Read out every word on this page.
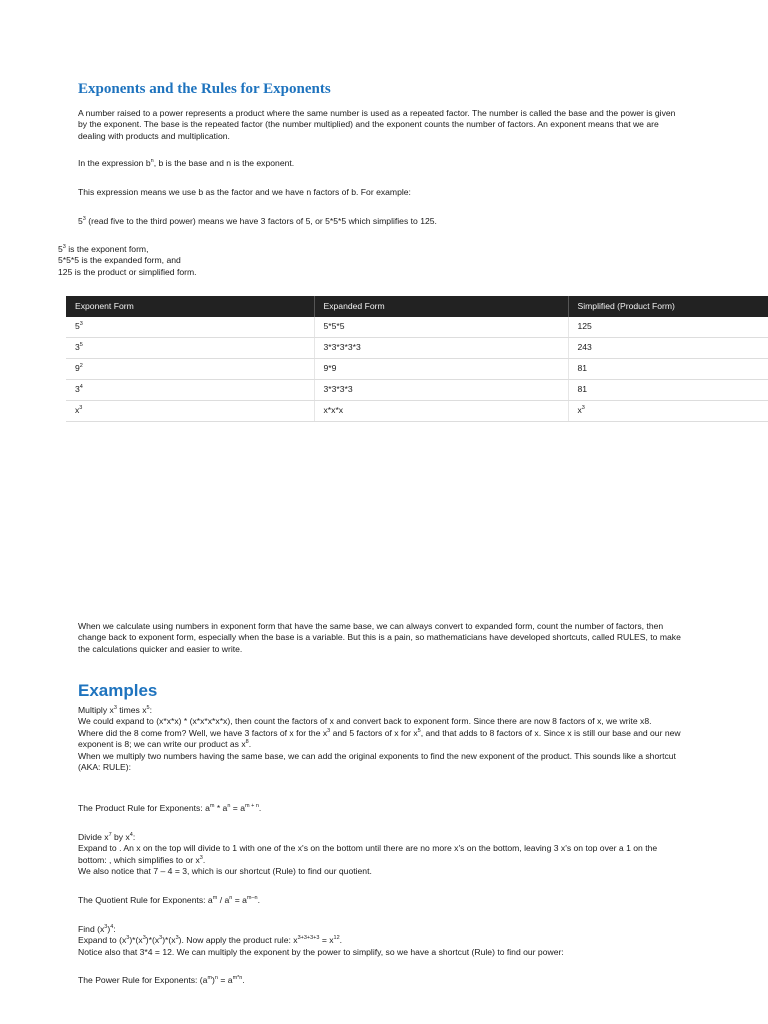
Exponents and the Rules for Exponents

A number raised to a power represents a product where the same number is used as a repeated factor. The number is called the base and the power is given by the exponent. The base is the repeated factor (the number multiplied) and the exponent counts the number of factors. An exponent means that we are dealing with products and multiplication.

In the expression $b^n$, b is the base and n is the exponent.

This expression means we use b as the factor and we have n factors of b. For example:

$5^3$ (read five to the third power) means we have 3 factors of 5, or 5*5*5 which simplifies to 125.

$5^3$ is the exponent form,
5*5*5 is the expanded form, and
125 is the product or simplified form.
Exponent Form	Expanded Form	Simplified (Product Form)
$5^3$	5*5*5	125
$3^5$	3*3*3*3*3	243
$9^2$	9*9	81
$3^4$	3*3*3*3	81
$x^3$	x*x*x	$x^3$

When we calculate using numbers in exponent form that have the same base, we can always convert to expanded form, count the number of factors, then change back to exponent form, especially when the base is a variable. But this is a pain, so mathematicians have developed shortcuts, called RULES, to make the calculations quicker and easier to write.

Examples
Multiply $x^3$ times $x^5$:
We could expand to (x*x*x) * (x*x*x*x*x), then count the factors of x and convert back to exponent form. Since there are now 8 factors of x, we write x8.
Where did the 8 come from? Well, we have 3 factors of x for the $x^3$ and 5 factors of x for $x^5$, and that adds to 8 factors of x. Since x is still our base and our new exponent is 8; we can write our product as $x^8$.
When we multiply two numbers having the same base, we can add the original exponents to find the new exponent of the product. This sounds like a shortcut (AKA: RULE):

The Product Rule for Exponents: $a^m * a^n = a^{m + n}$.

Divide $x^7$ by $x^4$:
Expand to . An x on the top will divide to 1 with one of the x's on the bottom until there are no more x's on the bottom, leaving 3 x's on top over a 1 on the bottom: , which simplifies to or $x^3$.
We also notice that 7 – 4 = 3, which is our shortcut (Rule) to find our quotient.

The Quotient Rule for Exponents: $a^m / a^n = a^{m-n}$.

Find $(x^3)^4$:
Expand to $(x^3)*(x^3)*(x^3)*(x^3)$. Now apply the product rule: $x^{3+3+3+3} = x^{12}$.
Notice also that 3*4 = 12. We can multiply the exponent by the power to simplify, so we have a shortcut (Rule) to find our power:

The Power Rule for Exponents: $(a^m)^n = a^{m*n}$.
